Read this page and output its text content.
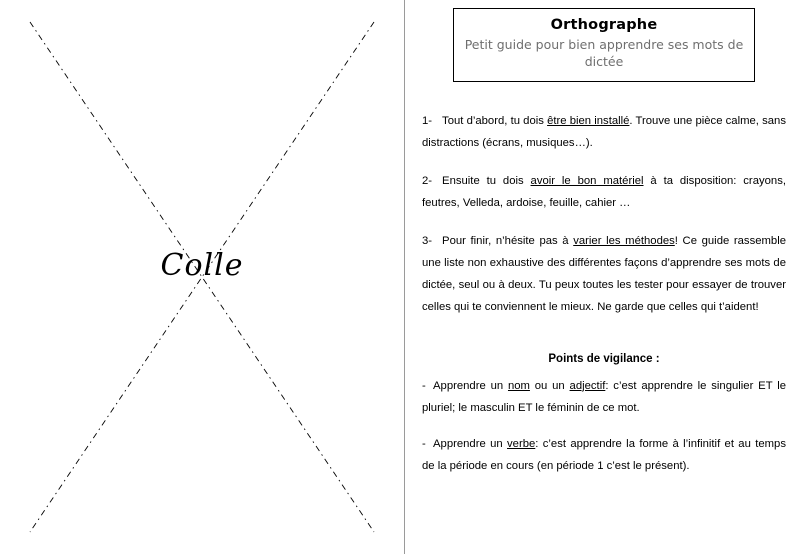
Colle
Orthographe
Petit guide pour bien apprendre ses mots de dictée

1- Tout d’abord, tu dois être bien installé. Trouve une pièce calme, sans distractions (écrans, musiques…).

2- Ensuite tu dois avoir le bon matériel à ta disposition: crayons, feutres, Velleda, ardoise, feuille, cahier …

3- Pour finir, n’hésite pas à varier les méthodes! Ce guide rassemble une liste non exhaustive des différentes façons d’apprendre ses mots de dictée, seul ou à deux. Tu peux toutes les tester pour essayer de trouver celles qui te conviennent le mieux. Ne garde que celles qui t’aident!

Points de vigilance :

- Apprendre un nom ou un adjectif: c’est apprendre le singulier ET le pluriel; le masculin ET le féminin de ce mot.

- Apprendre un verbe: c’est apprendre la forme à l’infinitif et au temps de la période en cours (en période 1 c’est le présent).
